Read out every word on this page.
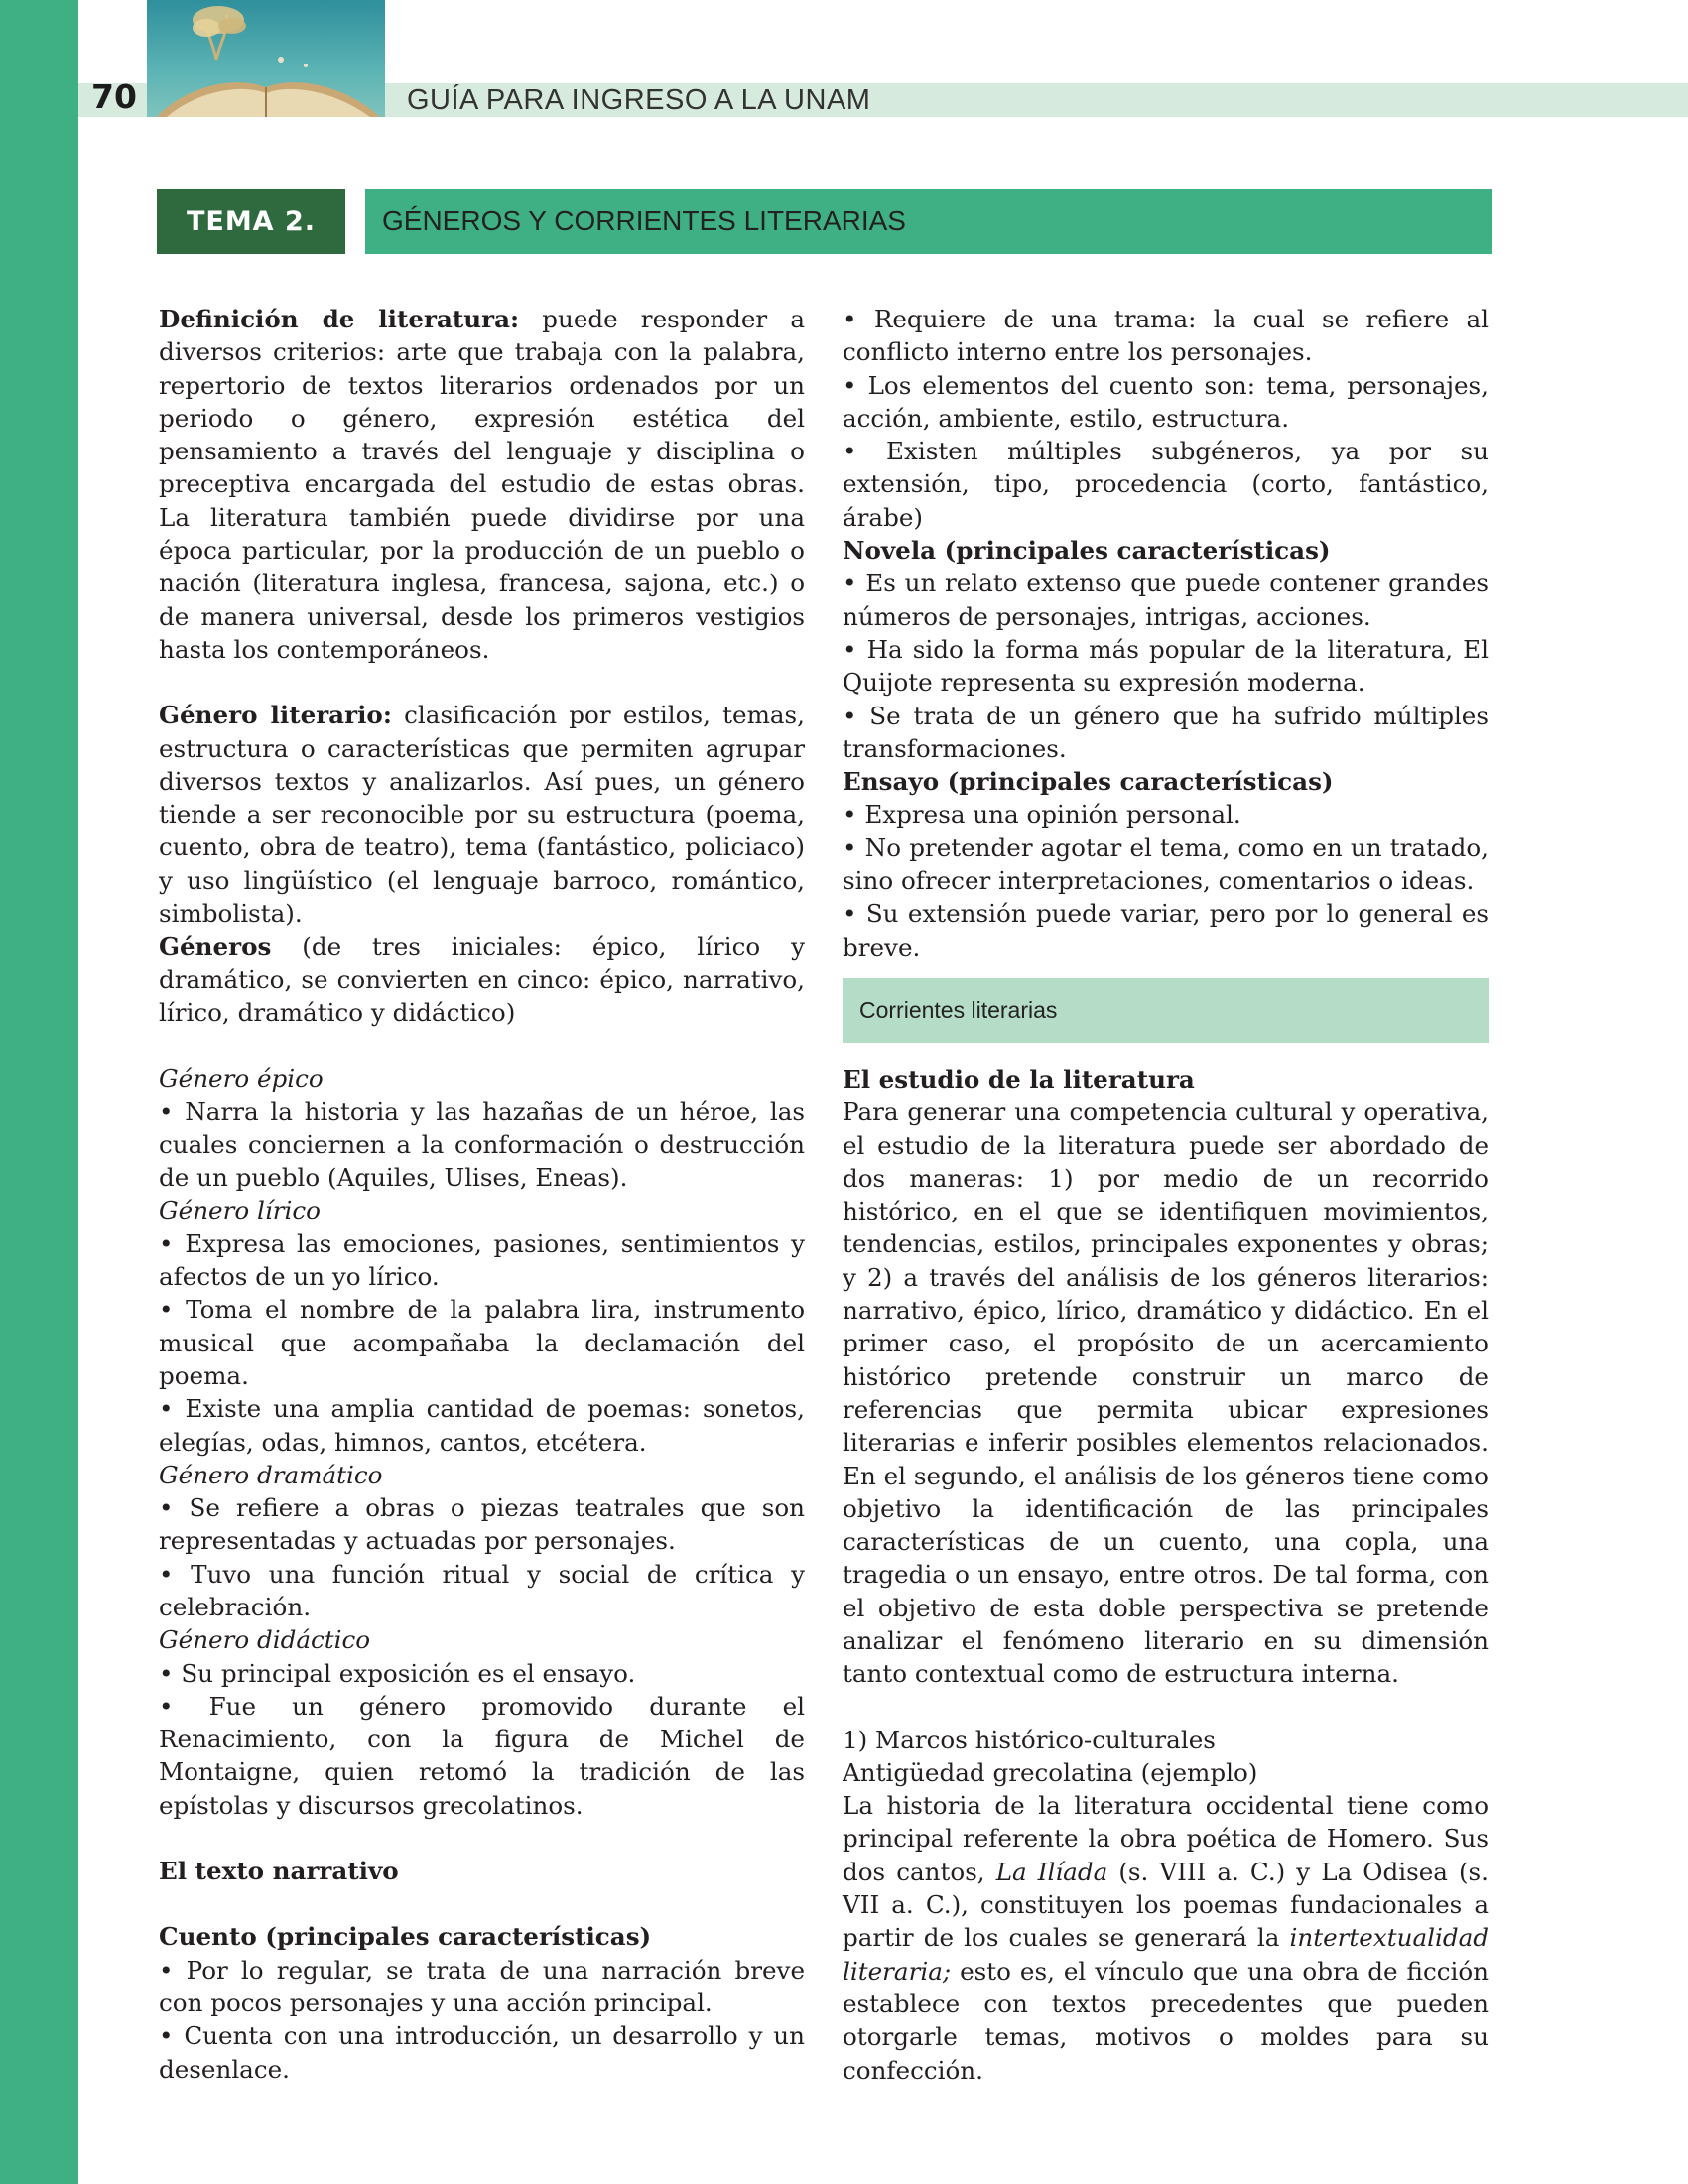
70	GUÍA PARA INGRESO A LA UNAM
TEMA 2.	GÉNEROS Y CORRIENTES LITERARIAS

Definición de literatura: puede responder a diversos criterios: arte que trabaja con la palabra, repertorio de textos literarios ordenados por un periodo o género, expresión estética del pensamiento a través del lenguaje y disciplina o preceptiva encargada del estudio de estas obras. La literatura también puede dividirse por una época particular, por la producción de un pueblo o nación (literatura inglesa, francesa, sajona, etc.) o de manera universal, desde los primeros vestigios hasta los contemporáneos.

Género literario: clasificación por estilos, temas, estructura o características que permiten agrupar diversos textos y analizarlos. Así pues, un género tiende a ser reconocible por su estructura (poema, cuento, obra de teatro), tema (fantástico, policiaco) y uso lingüístico (el lenguaje barroco, romántico, simbolista).

Géneros (de tres iniciales: épico, lírico y dramático, se convierten en cinco: épico, narrativo, lírico, dramático y didáctico)

Género épico

• Narra la historia y las hazañas de un héroe, las cuales conciernen a la conformación o destrucción de un pueblo (Aquiles, Ulises, Eneas).

Género lírico

• Expresa las emociones, pasiones, sentimientos y afectos de un yo lírico.

• Toma el nombre de la palabra lira, instrumento musical que acompañaba la declamación del poema.

• Existe una amplia cantidad de poemas: sonetos, elegías, odas, himnos, cantos, etcétera.

Género dramático

• Se refiere a obras o piezas teatrales que son representadas y actuadas por personajes.

• Tuvo una función ritual y social de crítica y celebración.

Género didáctico

• Su principal exposición es el ensayo.

• Fue un género promovido durante el Renacimiento, con la figura de Michel de Montaigne, quien retomó la tradición de las epístolas y discursos grecolatinos.

El texto narrativo

Cuento (principales características)

• Por lo regular, se trata de una narración breve con pocos personajes y una acción principal.

• Cuenta con una introducción, un desarrollo y un desenlace.

• Requiere de una trama: la cual se refiere al conflicto interno entre los personajes.

• Los elementos del cuento son: tema, personajes, acción, ambiente, estilo, estructura.

• Existen múltiples subgéneros, ya por su extensión, tipo, procedencia (corto, fantástico, árabe)

Novela (principales características)

• Es un relato extenso que puede contener grandes números de personajes, intrigas, acciones.

• Ha sido la forma más popular de la literatura, El Quijote representa su expresión moderna.

• Se trata de un género que ha sufrido múltiples transformaciones.

Ensayo (principales características)

• Expresa una opinión personal.

• No pretender agotar el tema, como en un tratado, sino ofrecer interpretaciones, comentarios o ideas.

• Su extensión puede variar, pero por lo general es breve.

Corrientes literarias

El estudio de la literatura

Para generar una competencia cultural y operativa, el estudio de la literatura puede ser abordado de dos maneras: 1) por medio de un recorrido histórico, en el que se identifiquen movimientos, tendencias, estilos, principales exponentes y obras; y 2) a través del análisis de los géneros literarios: narrativo, épico, lírico, dramático y didáctico. En el primer caso, el propósito de un acercamiento histórico pretende construir un marco de referencias que permita ubicar expresiones literarias e inferir posibles elementos relacionados. En el segundo, el análisis de los géneros tiene como objetivo la identificación de las principales características de un cuento, una copla, una tragedia o un ensayo, entre otros. De tal forma, con el objetivo de esta doble perspectiva se pretende analizar el fenómeno literario en su dimensión tanto contextual como de estructura interna.

1) Marcos histórico-culturales

Antigüedad grecolatina (ejemplo)

La historia de la literatura occidental tiene como principal referente la obra poética de Homero. Sus dos cantos, La Ilíada (s. VIII a. C.) y La Odisea (s. VII a. C.), constituyen los poemas fundacionales a partir de los cuales se generará la intertextualidad literaria; esto es, el vínculo que una obra de ficción establece con textos precedentes que pueden otorgarle temas, motivos o moldes para su confección.
